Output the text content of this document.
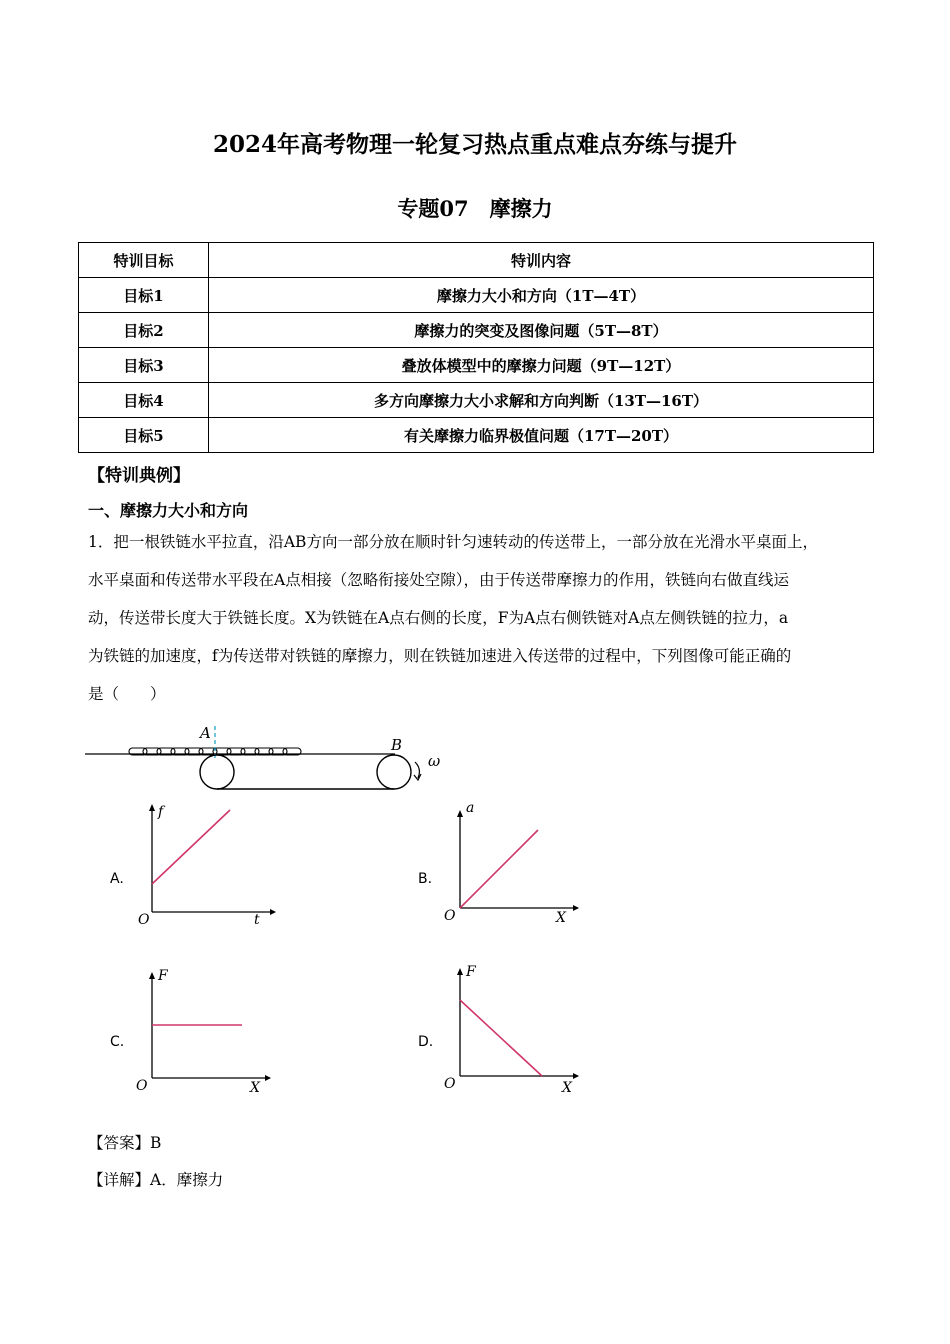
2024年高考物理一轮复习热点重点难点夯练与提升
专题07　摩擦力
特训目标	特训内容
目标1	摩擦力大小和方向（1T—4T）
目标2	摩擦力的突变及图像问题（5T—8T）
目标3	叠放体模型中的摩擦力问题（9T—12T）
目标4	多方向摩擦力大小求解和方向判断（13T—16T）
目标5	有关摩擦力临界极值问题（17T—20T）
【特训典例】
一、摩擦力大小和方向
1．把一根铁链水平拉直，沿AB方向一部分放在顺时针匀速转动的传送带上，一部分放在光滑水平桌面上，
水平桌面和传送带水平段在A点相接（忽略衔接处空隙），由于传送带摩擦力的作用，铁链向右做直线运
动，传送带长度大于铁链长度。X为铁链在A点右侧的长度，F为A点右侧铁链对A点左侧铁链的拉力，a
为铁链的加速度，f为传送带对铁链的摩擦力，则在铁链加速进入传送带的过程中，下列图像可能正确的
是（　　）
A
B
ω
A.
O
f
t
B.
O
a
X
C.
O
F
X
D.
O
F
X
【答案】B
【详解】A．摩擦力
